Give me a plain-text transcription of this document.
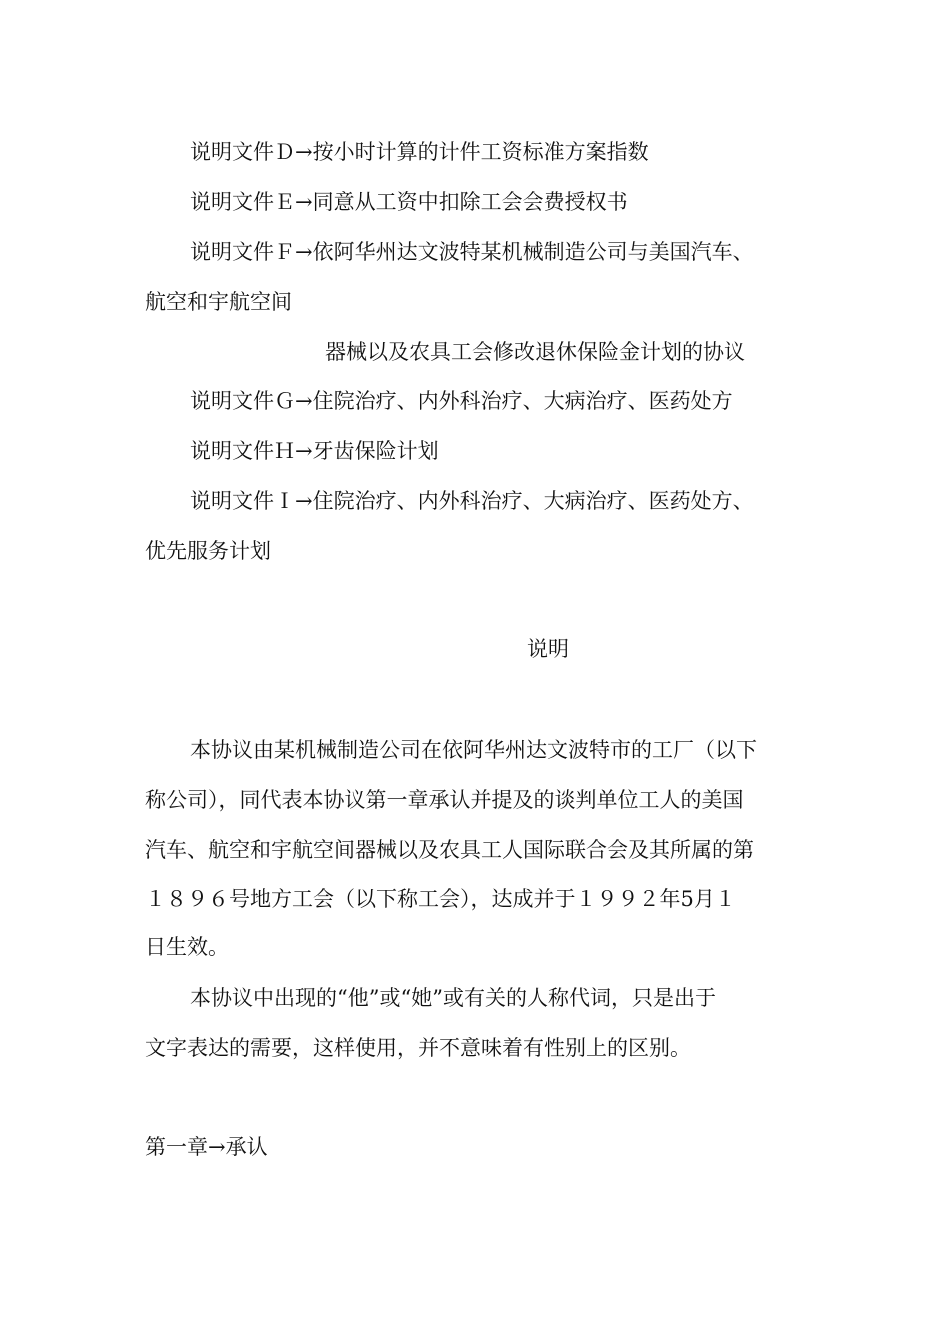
说明文件Ｄ→按小时计算的计件工资标准方案指数
说明文件Ｅ→同意从工资中扣除工会会费授权书
说明文件Ｆ→依阿华州达文波特某机械制造公司与美国汽车、
航空和宇航空间
器械以及农具工会修改退休保险金计划的协议
说明文件Ｇ→住院治疗、内外科治疗、大病治疗、医药处方
说明文件Ｈ→牙齿保险计划
说明文件Ｉ→住院治疗、内外科治疗、大病治疗、医药处方、
优先服务计划
说明
本协议由某机械制造公司在依阿华州达文波特市的工厂（以下
称公司），同代表本协议第一章承认并提及的谈判单位工人的美国
汽车、航空和宇航空间器械以及农具工人国际联合会及其所属的第
１８９６号地方工会（以下称工会），达成并于１９９２年5月１
日生效。
本协议中出现的“他”或“她”或有关的人称代词，只是出于
文字表达的需要，这样使用，并不意味着有性别上的区别。
第一章→承认
